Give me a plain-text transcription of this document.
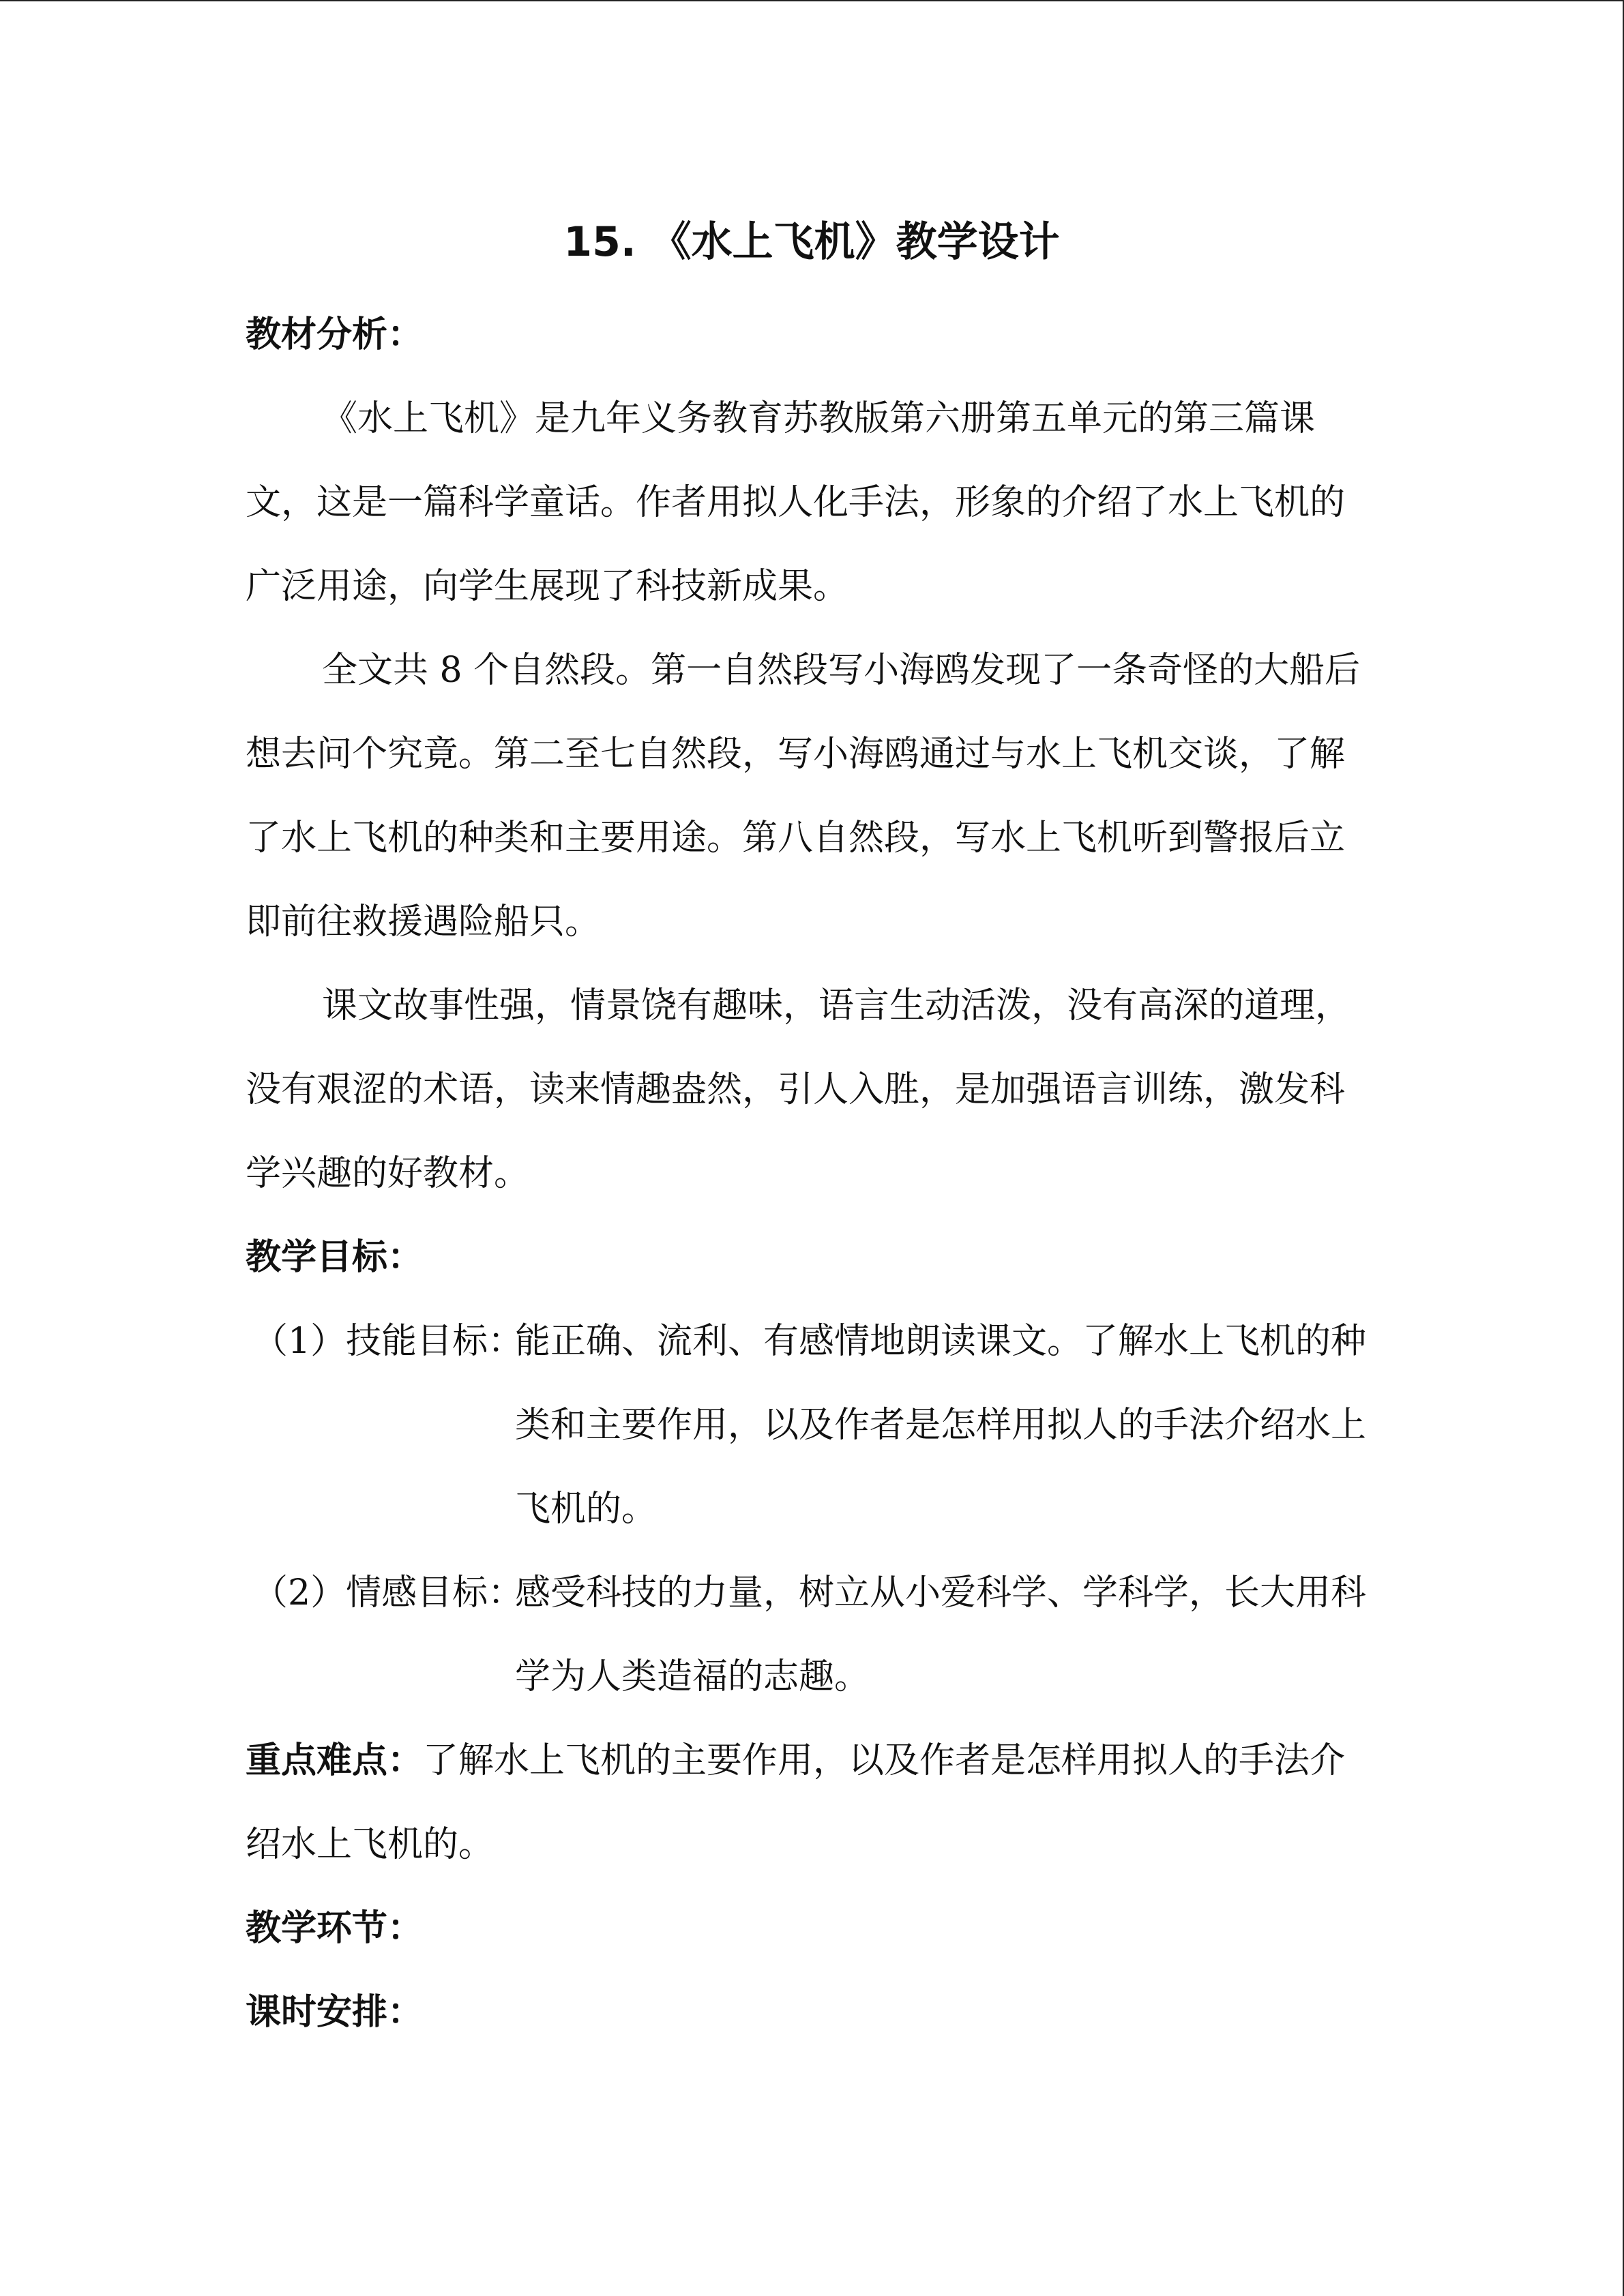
15. 《水上飞机》教学设计
教材分析：

《水上飞机》是九年义务教育苏教版第六册第五单元的第三篇课文，这是一篇科学童话。作者用拟人化手法，形象的介绍了水上飞机的广泛用途，向学生展现了科技新成果。

全文共 8 个自然段。第一自然段写小海鸥发现了一条奇怪的大船后想去问个究竟。第二至七自然段，写小海鸥通过与水上飞机交谈，了解了水上飞机的种类和主要用途。第八自然段，写水上飞机听到警报后立即前往救援遇险船只。

课文故事性强，情景饶有趣味，语言生动活泼，没有高深的道理，没有艰涩的术语，读来情趣盎然，引人入胜，是加强语言训练，激发科学兴趣的好教材。

教学目标：
（1）技能目标：
能正确、流利、有感情地朗读课文。了解水上飞机的种类和主要作用，以及作者是怎样用拟人的手法介绍水上飞机的。
（2）情感目标：
感受科技的力量，树立从小爱科学、学科学，长大用科学为人类造福的志趣。

重点难点：了解水上飞机的主要作用，以及作者是怎样用拟人的手法介绍水上飞机的。

教学环节：
课时安排：
